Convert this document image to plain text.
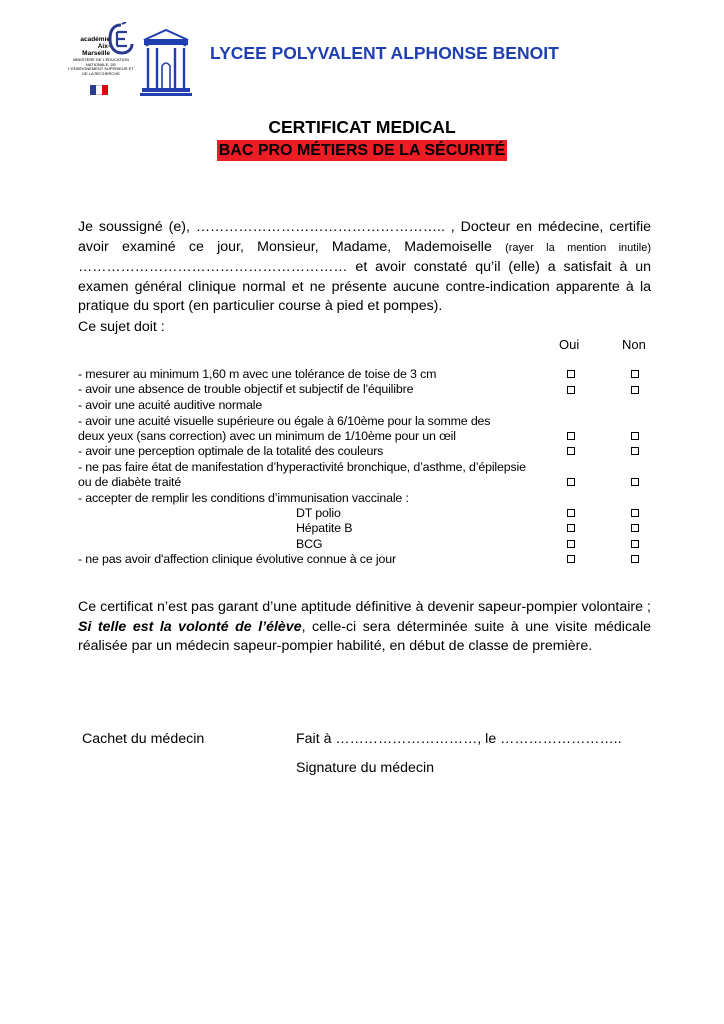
académie
Aix-Marseille
MINISTÈRE DE L'ÉDUCATION NATIONALE, DE L'ENSEIGNEMENT SUPÉRIEUR ET DE LA RECHERCHE
LYCEE POLYVALENT ALPHONSE BENOIT
CERTIFICAT MEDICAL
BAC PRO MÉTIERS DE LA SÉCURITÉ
Je soussigné (e), …………………………………………….. , Docteur en médecine, certifie avoir examiné ce jour, Monsieur, Madame, Mademoiselle (rayer la mention inutile) ………………………………………………… et avoir constaté qu’il (elle) a satisfait à un examen général clinique normal et ne présente aucune contre-indication apparente à la pratique du sport (en particulier course à pied et pompes).
Ce sujet doit :
Oui	Non
- mesurer au minimum 1,60 m avec une tolérance de toise de 3 cm
- avoir une absence de trouble objectif et subjectif de l'équilibre
- avoir une acuité auditive normale
- avoir une acuité visuelle supérieure ou égale à 6/10ème pour la somme des
deux yeux (sans correction) avec un minimum de 1/10ème pour un œil
- avoir une perception optimale de la totalité des couleurs
- ne pas faire état de manifestation d’hyperactivité bronchique, d’asthme, d’épilepsie
ou de diabète traité
- accepter de remplir les conditions d’immunisation vaccinale :
DT polio
Hépatite B
BCG
- ne pas avoir d'affection clinique évolutive connue à ce jour
Ce certificat n’est pas garant d’une aptitude définitive à devenir sapeur-pompier volontaire ; Si telle est la volonté de l’élève, celle-ci sera déterminée suite à une visite médicale réalisée par un médecin sapeur-pompier habilité, en début de classe de première.
Cachet du médecin	Fait à …………………………, le ……………………..
Signature du médecin
